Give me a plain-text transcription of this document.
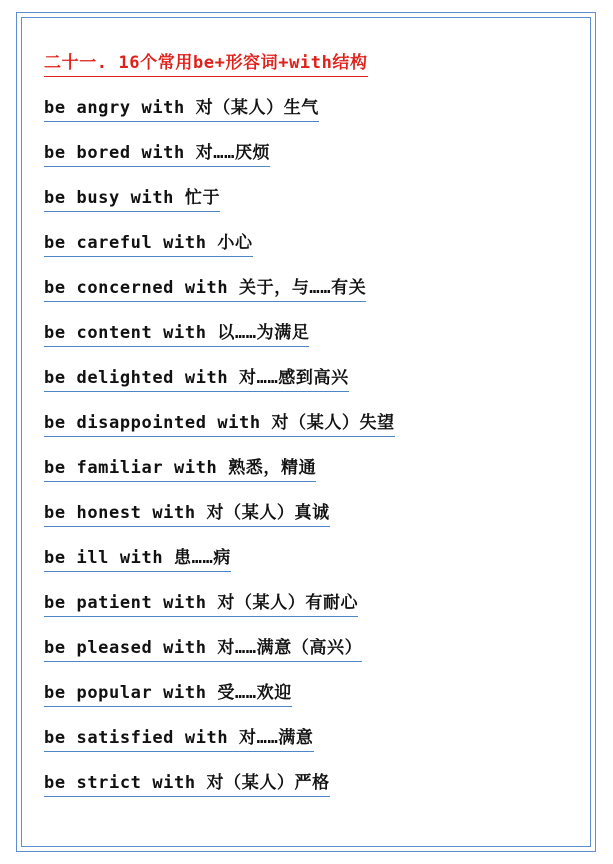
二十一. 16个常用be+形容词+with结构
be angry with 对（某人）生气
be bored with 对……厌烦
be busy with 忙于
be careful with 小心
be concerned with 关于，与……有关
be content with 以……为满足
be delighted with 对……感到高兴
be disappointed with 对（某人）失望
be familiar with 熟悉，精通
be honest with 对（某人）真诚
be ill with 患……病
be patient with 对（某人）有耐心
be pleased with 对……满意（高兴）
be popular with 受……欢迎
be satisfied with 对……满意
be strict with 对（某人）严格
